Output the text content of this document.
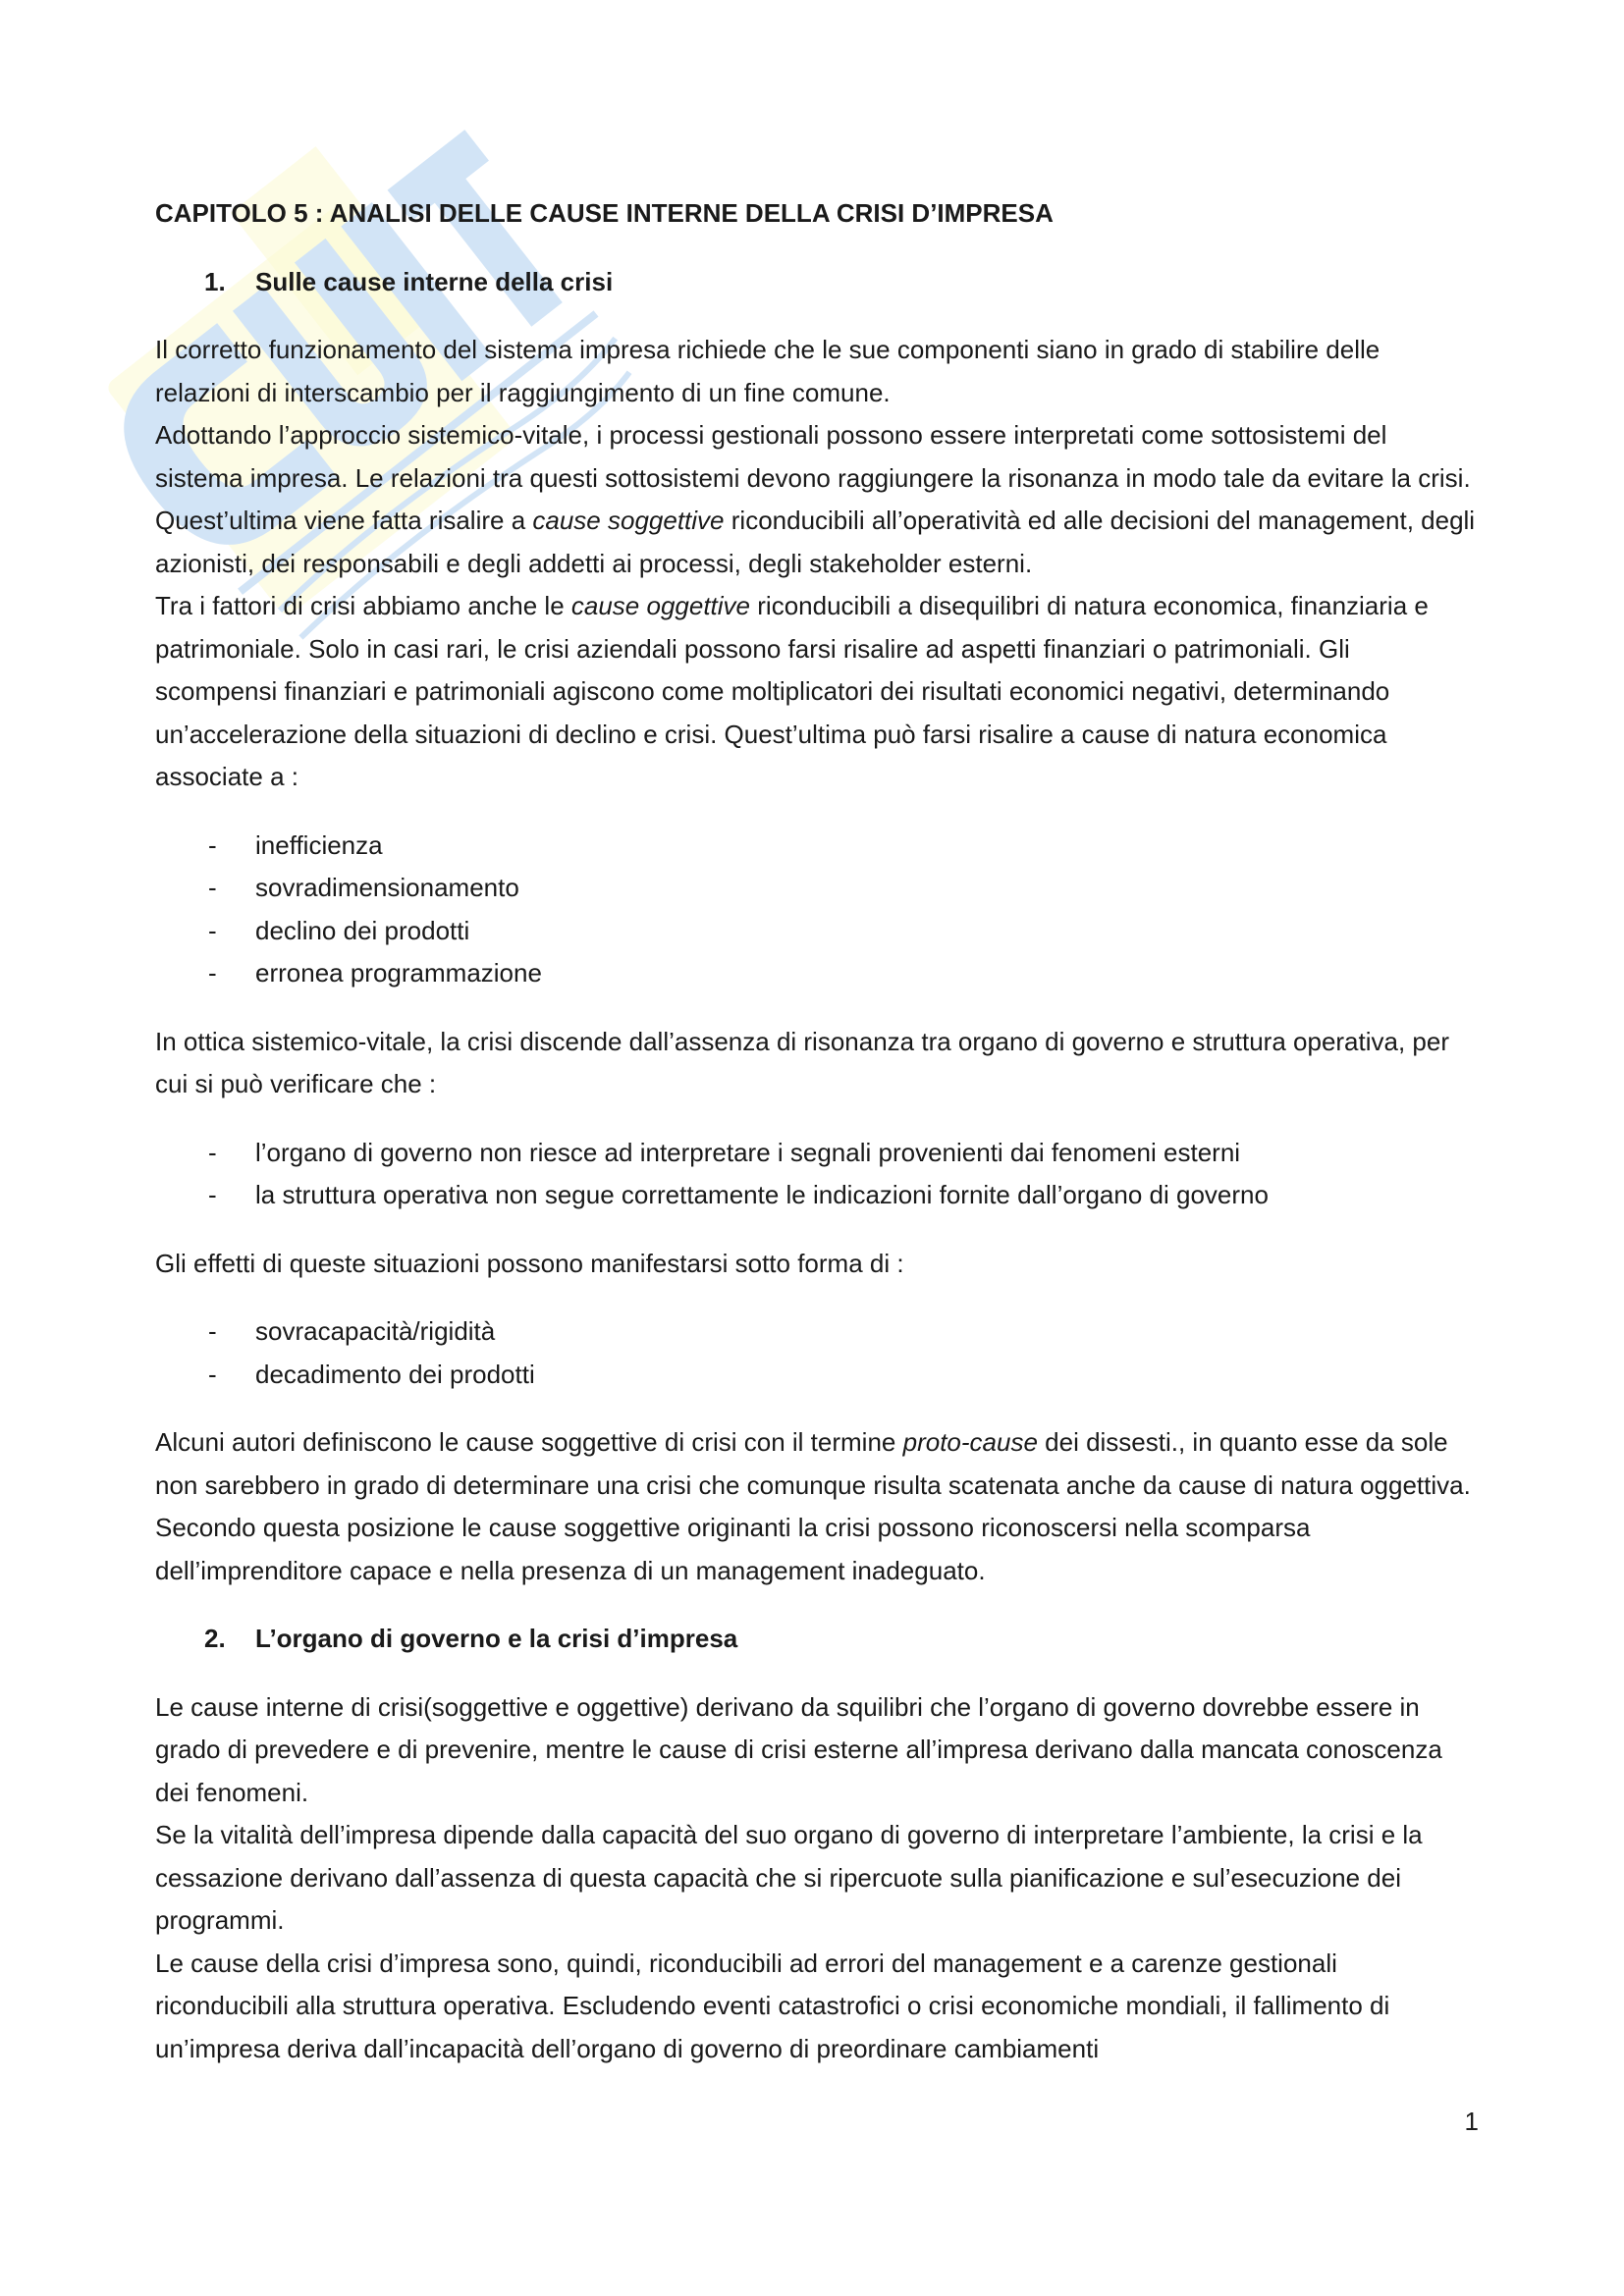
CAPITOLO 5 : ANALISI DELLE CAUSE INTERNE DELLA CRISI D’IMPRESA
1. Sulle cause interne della crisi

Il corretto funzionamento del sistema impresa richiede che le sue componenti siano in grado di stabilire delle relazioni di interscambio per il raggiungimento di un fine comune.

Adottando l’approccio sistemico-vitale, i processi gestionali possono essere interpretati come sottosistemi del sistema impresa. Le relazioni tra questi sottosistemi devono raggiungere la risonanza in modo tale da evitare la crisi. Quest’ultima viene fatta risalire a cause soggettive riconducibili all’operatività ed alle decisioni del management, degli azionisti, dei responsabili e degli addetti ai processi, degli stakeholder esterni.

Tra i fattori di crisi abbiamo anche le cause oggettive riconducibili a disequilibri di natura economica, finanziaria e patrimoniale. Solo in casi rari, le crisi aziendali possono farsi risalire ad aspetti finanziari o patrimoniali. Gli scompensi finanziari e patrimoniali agiscono come moltiplicatori dei risultati economici negativi, determinando un’accelerazione della situazioni di declino e crisi. Quest’ultima può farsi risalire a cause di natura economica associate a :

- inefficienza
- sovradimensionamento
- declino dei prodotti
- erronea programmazione

In ottica sistemico-vitale, la crisi discende dall’assenza di risonanza tra organo di governo e struttura operativa, per cui si può verificare che :

- l’organo di governo non riesce ad interpretare i segnali provenienti dai fenomeni esterni
- la struttura operativa non segue correttamente le indicazioni fornite dall’organo di governo

Gli effetti di queste situazioni possono manifestarsi sotto forma di :

- sovracapacità/rigidità
- decadimento dei prodotti

Alcuni autori definiscono le cause soggettive di crisi con il termine proto-cause dei dissesti., in quanto esse da sole non sarebbero in grado di determinare una crisi che comunque risulta scatenata anche da cause di natura oggettiva. Secondo questa posizione le cause soggettive originanti la crisi possono riconoscersi nella scomparsa dell’imprenditore capace e nella presenza di un management inadeguato.

2. L’organo di governo e la crisi d’impresa

Le cause interne di crisi(soggettive e oggettive) derivano da squilibri che l’organo di governo dovrebbe essere in grado di prevedere e di prevenire, mentre le cause di crisi esterne all’impresa derivano dalla mancata conoscenza dei fenomeni.

Se la vitalità dell’impresa dipende dalla capacità del suo organo di governo di interpretare l’ambiente, la crisi e la cessazione derivano dall’assenza di questa capacità che si ripercuote sulla pianificazione e sul’esecuzione dei programmi.

Le cause della crisi d’impresa sono, quindi, riconducibili ad errori del management e a carenze gestionali riconducibili alla struttura operativa. Escludendo eventi catastrofici o crisi economiche mondiali, il fallimento di un’impresa deriva dall’incapacità dell’organo di governo di preordinare cambiamenti

1
